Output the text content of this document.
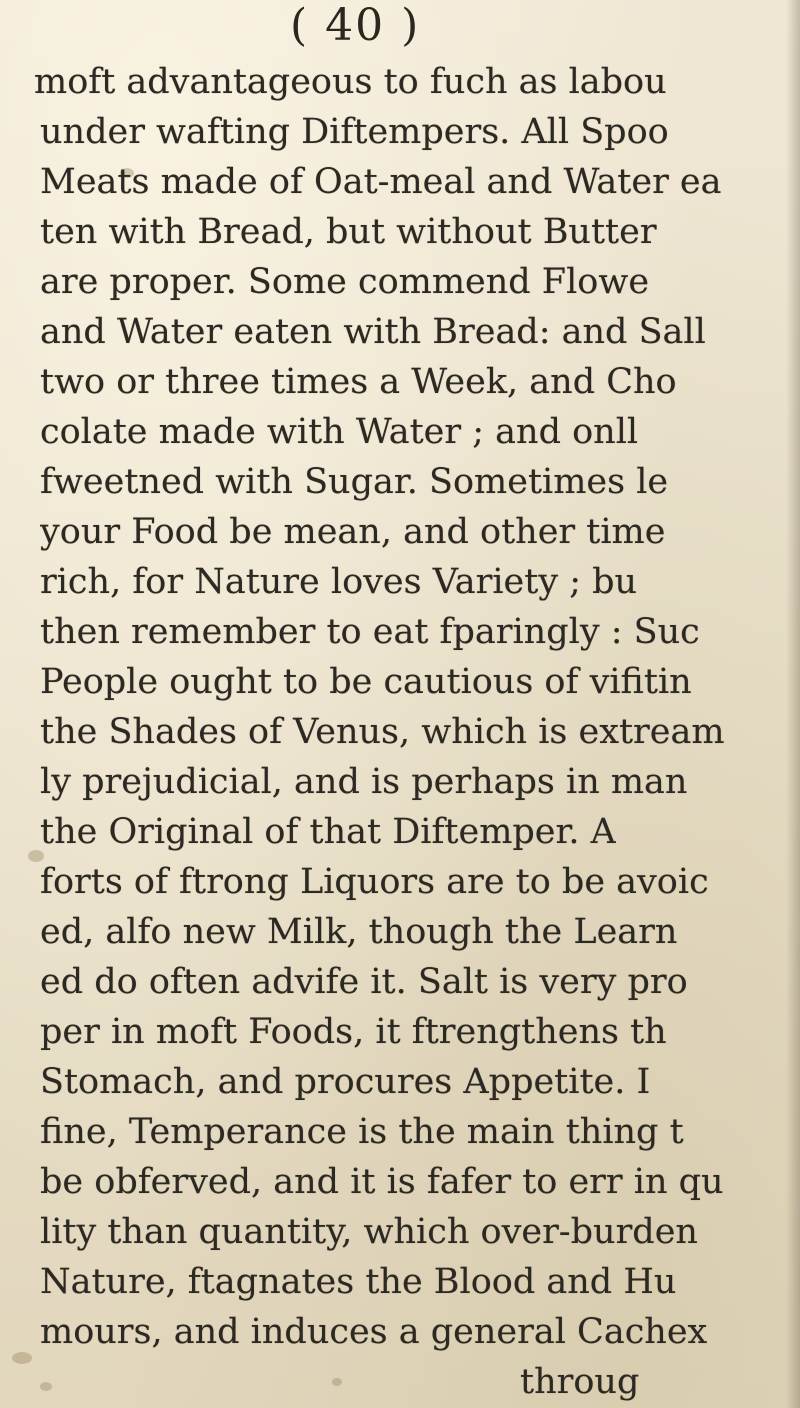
( 40 )
moft advantageous to fuch as labou
under wafting Diftempers. All Spoo
Meats made of Oat-meal and Water ea
ten with Bread, but without Butter
are proper. Some commend Flowe
and Water eaten with Bread: and Sall
two or three times a Week, and Cho
colate made with Water ; and onll
fweetned with Sugar. Sometimes le
your Food be mean, and other time
rich, for Nature loves Variety ; bu
then remember to eat fparingly : Suc
People ought to be cautious of vifitin
the Shades of Venus, which is extream
ly prejudicial, and is perhaps in man
the Original of that Diftemper. A
forts of ftrong Liquors are to be avoic
ed, alfo new Milk, though the Learn
ed do often advife it. Salt is very pro
per in moft Foods, it ftrengthens th
Stomach, and procures Appetite. I
fine, Temperance is the main thing t
be obferved, and it is fafer to err in qu
lity than quantity, which over-burden
Nature, ftagnates the Blood and Hu
mours, and induces a general Cachex
throug
